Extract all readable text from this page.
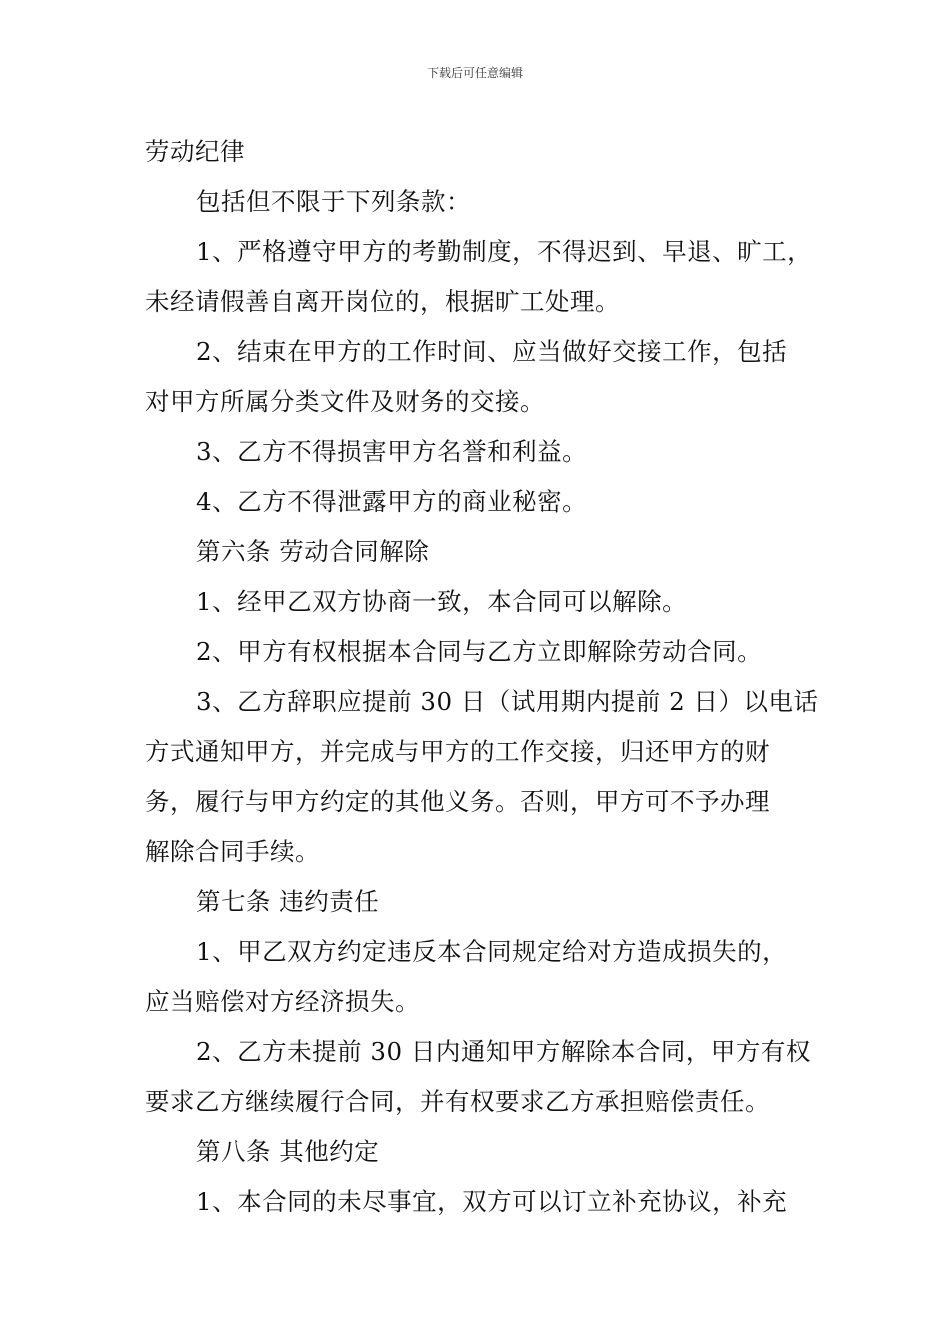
下载后可任意编辑

劳动纪律

包括但不限于下列条款：

1、严格遵守甲方的考勤制度，不得迟到、早退、旷工，

未经请假善自离开岗位的，根据旷工处理。

2、结束在甲方的工作时间、应当做好交接工作，包括

对甲方所属分类文件及财务的交接。

3、乙方不得损害甲方名誉和利益。

4、乙方不得泄露甲方的商业秘密。

第六条 劳动合同解除

1、经甲乙双方协商一致，本合同可以解除。

2、甲方有权根据本合同与乙方立即解除劳动合同。

3、乙方辞职应提前 30 日（试用期内提前 2 日）以电话

方式通知甲方，并完成与甲方的工作交接，归还甲方的财

务，履行与甲方约定的其他义务。否则，甲方可不予办理

解除合同手续。

第七条 违约责任

1、甲乙双方约定违反本合同规定给对方造成损失的，

应当赔偿对方经济损失。

2、乙方未提前 30 日内通知甲方解除本合同，甲方有权

要求乙方继续履行合同，并有权要求乙方承担赔偿责任。

第八条 其他约定

1、本合同的未尽事宜，双方可以订立补充协议，补充
